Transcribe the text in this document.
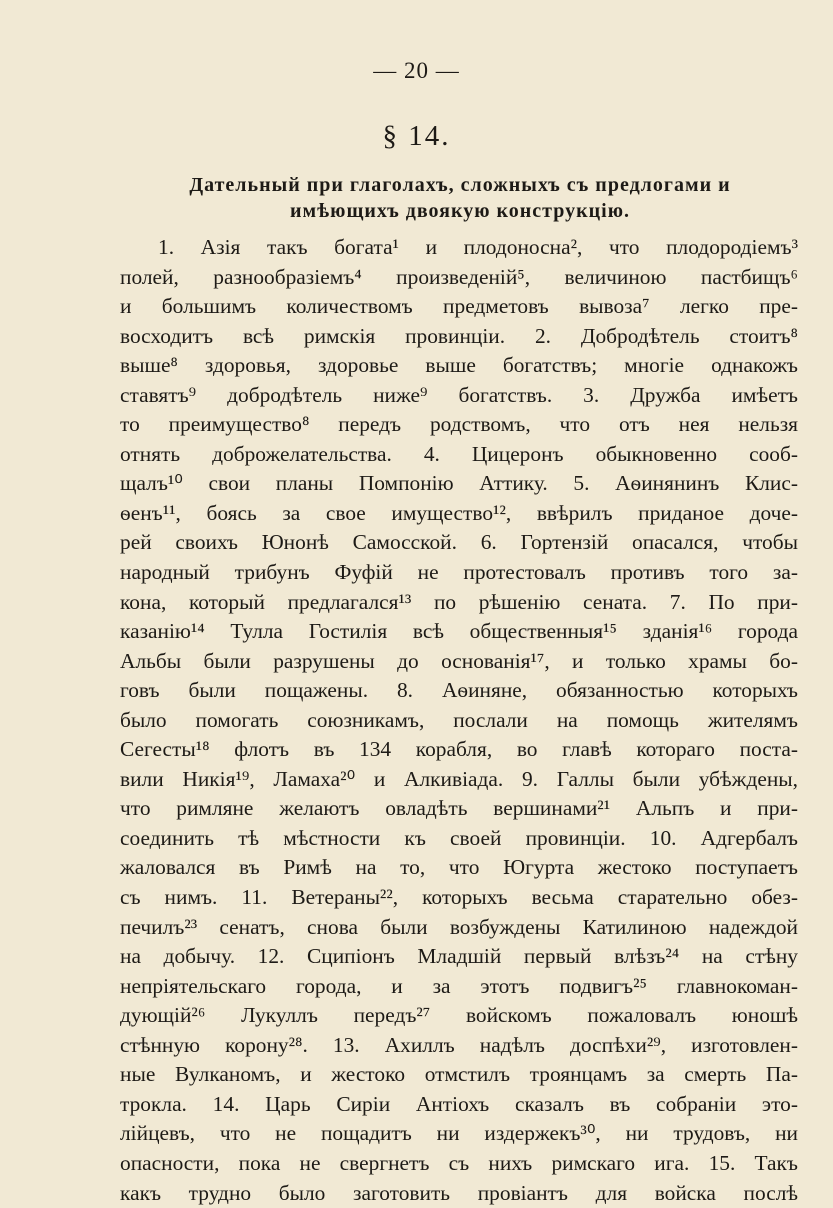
— 20 —
§ 14.
Дательный при глаголахъ, сложныхъ съ предлогами и
имѣющихъ двоякую конструкцію.
1. Азія такъ богата¹ и плодоносна², что плодородіемъ³
полей, разнообразіемъ⁴ произведеній⁵, величиною пастбищъ⁶
и большимъ количествомъ предметовъ вывоза⁷ легко пре-
восходитъ всѣ римскія провинціи. 2. Добродѣтель стоитъ⁸
выше⁸ здоровья, здоровье выше богатствъ; многіе однакожъ
ставятъ⁹ добродѣтель ниже⁹ богатствъ. 3. Дружба имѣетъ
то преимущество⁸ передъ родствомъ, что отъ нея нельзя
отнять доброжелательства. 4. Цицеронъ обыкновенно сооб-
щалъ¹⁰ свои планы Помпонію Аттику. 5. Аѳинянинъ Клис-
ѳенъ¹¹, боясь за свое имущество¹², ввѣрилъ приданое доче-
рей своихъ Юнонѣ Самосской. 6. Гортензій опасался, чтобы
народный трибунъ Фуфій не протестовалъ противъ того за-
кона, который предлагался¹³ по рѣшенію сената. 7. По при-
казанію¹⁴ Тулла Гостилія всѣ общественныя¹⁵ зданія¹⁶ города
Альбы были разрушены до основанія¹⁷, и только храмы бо-
говъ были пощажены. 8. Аѳиняне, обязанностью которыхъ
было помогать союзникамъ, послали на помощь жителямъ
Сегесты¹⁸ флотъ въ 134 корабля, во главѣ котораго поста-
вили Никія¹⁹, Ламаха²⁰ и Алкивіада. 9. Галлы были убѣждены,
что римляне желаютъ овладѣть вершинами²¹ Альпъ и при-
соединить тѣ мѣстности къ своей провинціи. 10. Адгербалъ
жаловался въ Римѣ на то, что Югурта жестоко поступаетъ
съ нимъ. 11. Ветераны²², которыхъ весьма старательно обез-
печилъ²³ сенатъ, снова были возбуждены Катилиною надеждой
на добычу. 12. Сципіонъ Младшій первый влѣзъ²⁴ на стѣну
непріятельскаго города, и за этотъ подвигъ²⁵ главнокоман-
дующій²⁶ Лукуллъ передъ²⁷ войскомъ пожаловалъ юношѣ
стѣнную корону²⁸. 13. Ахиллъ надѣлъ доспѣхи²⁹, изготовлен-
ные Вулканомъ, и жестоко отмстилъ троянцамъ за смерть Па-
трокла. 14. Царь Сиріи Антіохъ сказалъ въ собраніи это-
лійцевъ, что не пощадитъ ни издержекъ³⁰, ни трудовъ, ни
опасности, пока не свергнетъ съ нихъ римскаго ига. 15. Такъ
какъ трудно было заготовить провіантъ для войска послѣ
